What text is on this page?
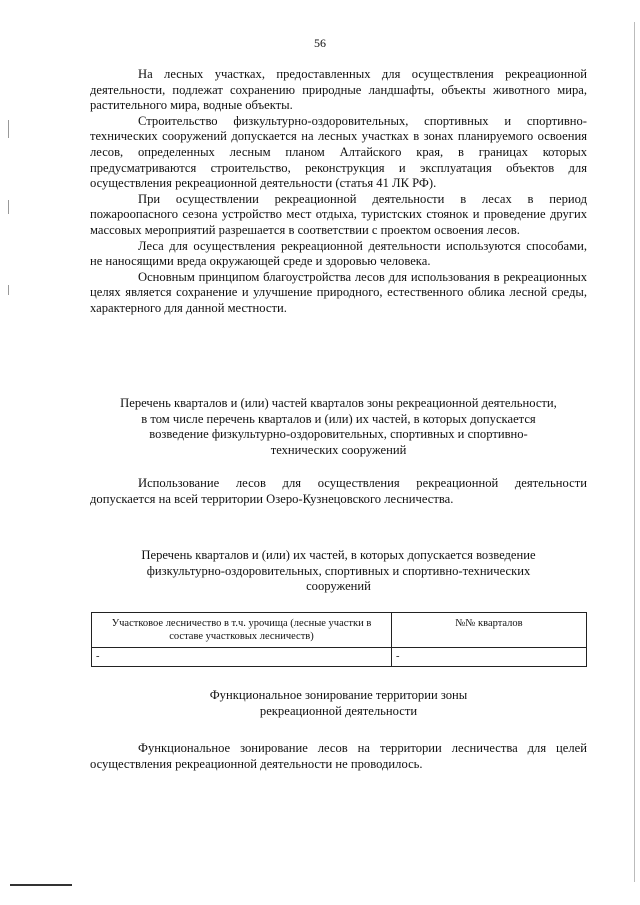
56

На лесных участках, предоставленных для осуществления рекреационной деятельности, подлежат сохранению природные ландшафты, объекты животного мира, растительного мира, водные объекты.

Строительство физкультурно-оздоровительных, спортивных и спортивно-технических сооружений допускается на лесных участках в зонах планируемого освоения лесов, определенных лесным планом Алтайского края, в границах которых предусматриваются строительство, реконструкция и эксплуатация объектов для осуществления рекреационной деятельности (статья 41 ЛК РФ).

При осуществлении рекреационной деятельности в лесах в период пожароопасного сезона устройство мест отдыха, туристских стоянок и проведение других массовых мероприятий разрешается в соответствии с проектом освоения лесов.

Леса для осуществления рекреационной деятельности используются способами, не наносящими вреда окружающей среде и здоровью человека.

Основным принципом благоустройства лесов для использования в рекреационных целях является сохранение и улучшение природного, естественного облика лесной среды, характерного для данной местности.

Перечень кварталов и (или) частей кварталов зоны рекреационной деятельности, в том числе перечень кварталов и (или) их частей, в которых допускается возведение физкультурно-оздоровительных, спортивных и спортивно-технических сооружений

Использование лесов для осуществления рекреационной деятельности допускается на всей территории Озеро-Кузнецовского лесничества.

Перечень кварталов и (или) их частей, в которых допускается возведение физкультурно-оздоровительных, спортивных и спортивно-технических сооружений
Участковое лесничество в т.ч. урочища (лесные участки в составе участковых лесничеств)	№№ кварталов
-	-
Функциональное зонирование территории зоны рекреационной деятельности

Функциональное зонирование лесов на территории лесничества для целей осуществления рекреационной деятельности не проводилось.
